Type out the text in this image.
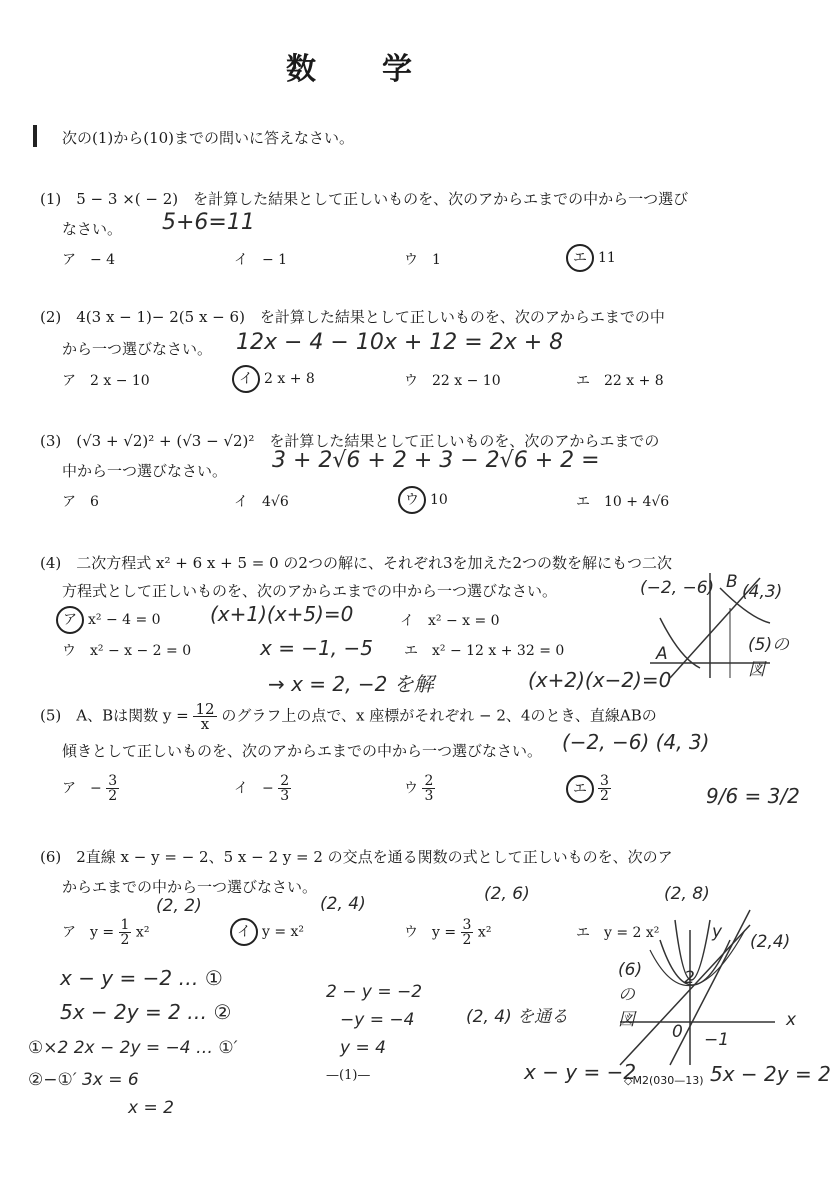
数　　学
次の(1)から(10)までの問いに答えなさい。
(1)　5 − 3 ×( − 2)　を計算した結果として正しいものを、次のアからエまでの中から一つ選び
なさい。 5+6=11
ア　− 4	イ　− 1	ウ　1	エ 11
(2)　4(3 x − 1)− 2(5 x − 6)　を計算した結果として正しいものを、次のアからエまでの中
から一つ選びなさい。 12x − 4 − 10x + 12 = 2x + 8
ア　2 x − 10	イ 2 x + 8	ウ　22 x − 10	エ　22 x + 8
(3)　(√3 + √2)² + (√3 − √2)²　を計算した結果として正しいものを、次のアからエまでの
中から一つ選びなさい。 3 + 2√6 + 2 + 3 − 2√6 + 2 =
ア　6	イ　4√6	ウ 10	エ　10 + 4√6
(4)　二次方程式 x² + 6 x + 5 = 0 の2つの解に、それぞれ3を加えた2つの数を解にもつ二次
方程式として正しいものを、次のアからエまでの中から一つ選びなさい。
ア x² − 4 = 0 (x+1)(x+5)=0	イ　x² − x = 0
ウ　x² − x − 2 = 0	x = −1, −5 エ　x² − 12 x + 32 = 0
→ x = 2, −2 を解	(x+2)(x−2)=0
(−2, −6) B (4,3)
A	(5)の図
(5)　A、Bは関数 $y = \frac{12}{x}$ のグラフ上の点で、x 座標がそれぞれ − 2、4のとき、直線ABの
傾きとして正しいものを、次のアからエまでの中から一つ選びなさい。 (−2, −6) (4, 3)
ア　− $\frac{3}{2}$	イ　− $\frac{2}{3}$	ウ $\frac{2}{3}$	エ $\frac{3}{2}$	9/6 = 3/2
(6)　2直線 x − y = − 2、5 x − 2 y = 2 の交点を通る関数の式として正しいものを、次のア
からエまでの中から一つ選びなさい。
(2, 2)	(2, 4)	(2, 6)	(2, 8)
ア　$y = \frac{1}{2} x^2$	イ y = x²	ウ　$y = \frac{3}{2} x^2$	エ　y = 2 x²
x − y = −2 … ①
5x − 2y = 2 … ②
①×2 2x − 2y = −4 … ①′
②−①′ 3x = 6
x = 2
2 − y = −2
−y = −4
y = 4
(2, 4) を通る
(6)の図
(2,4)
y
x
0 −1
2
x − y = −2	5x − 2y = 2
—(1)—	◇M2(030—13)
